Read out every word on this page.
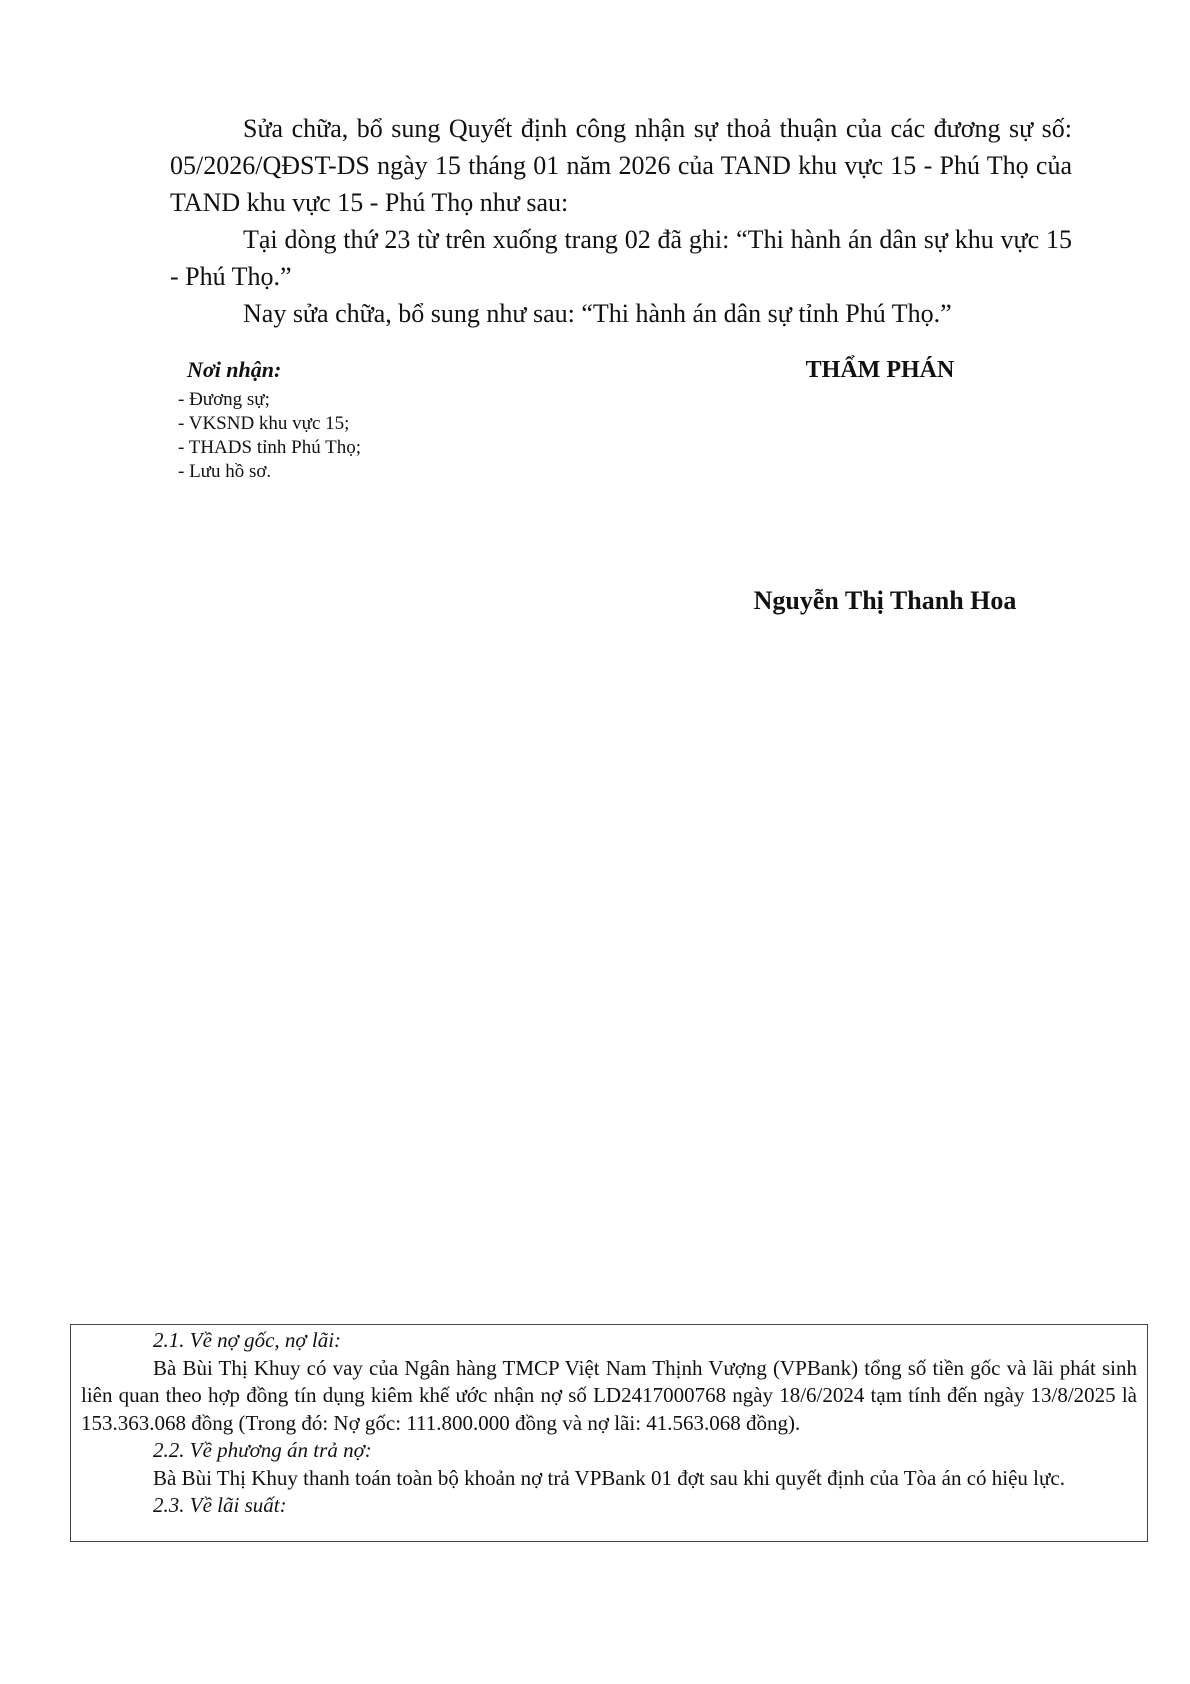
Sửa chữa, bổ sung Quyết định công nhận sự thoả thuận của các đương sự số: 05/2026/QĐST-DS ngày 15 tháng 01 năm 2026 của TAND khu vực 15 - Phú Thọ của TAND khu vực 15 - Phú Thọ như sau:

Tại dòng thứ 23 từ trên xuống trang 02 đã ghi: “Thi hành án dân sự khu vực 15 - Phú Thọ.”

Nay sửa chữa, bổ sung như sau: “Thi hành án dân sự tỉnh Phú Thọ.”

Nơi nhận:
- Đương sự;
- VKSND khu vực 15;
- THADS tỉnh Phú Thọ;
- Lưu hồ sơ.
THẨM PHÁN
Nguyễn Thị Thanh Hoa

2.1. Về nợ gốc, nợ lãi:

Bà Bùi Thị Khuy có vay của Ngân hàng TMCP Việt Nam Thịnh Vượng (VPBank) tổng số tiền gốc và lãi phát sinh liên quan theo hợp đồng tín dụng kiêm khế ước nhận nợ số LD2417000768 ngày 18/6/2024 tạm tính đến ngày 13/8/2025 là 153.363.068 đồng (Trong đó: Nợ gốc: 111.800.000 đồng và nợ lãi: 41.563.068 đồng).

2.2. Về phương án trả nợ:

Bà Bùi Thị Khuy thanh toán toàn bộ khoản nợ trả VPBank 01 đợt sau khi quyết định của Tòa án có hiệu lực.

2.3. Về lãi suất:
